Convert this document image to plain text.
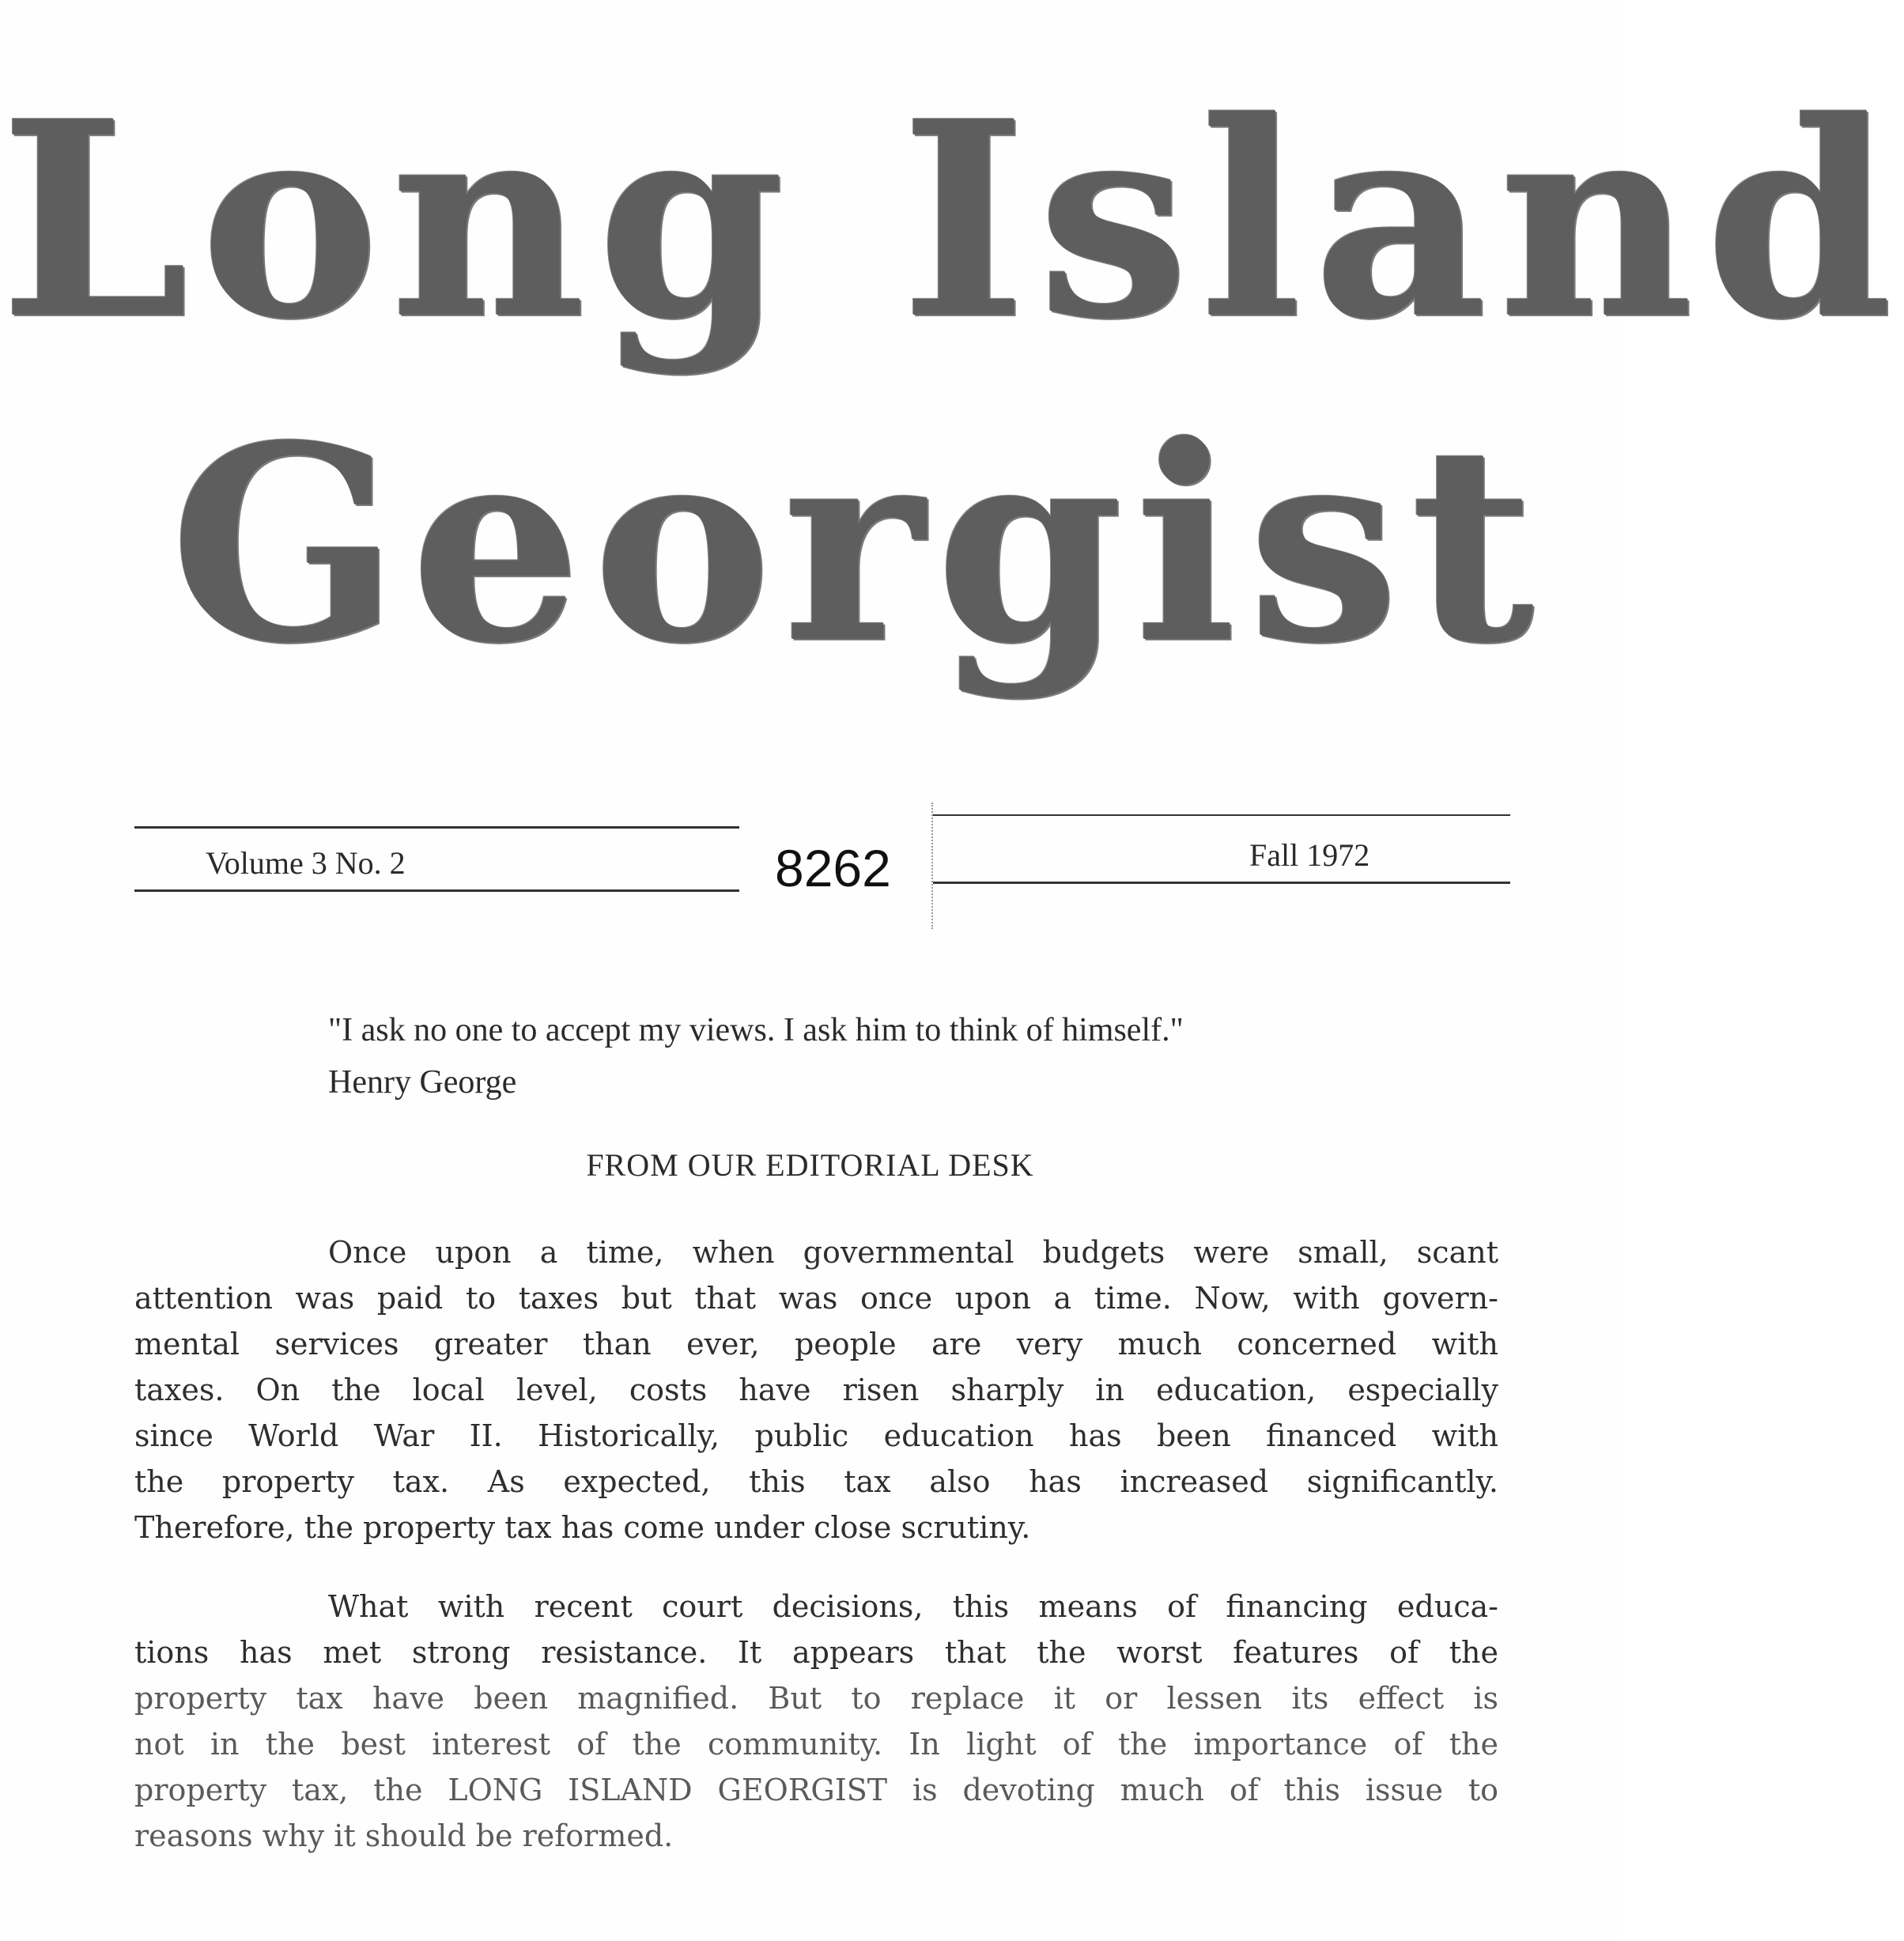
Long Island
Georgist
Volume 3 No. 2	8262	Fall 1972
"I ask no one to accept my views. I ask him to think of himself."
Henry George
FROM OUR EDITORIAL DESK
Once upon a time, when governmental budgets were small, scant
attention was paid to taxes but that was once upon a time. Now, with govern-
mental services greater than ever, people are very much concerned with
taxes. On the local level, costs have risen sharply in education, especially
since World War II. Historically, public education has been financed with
the property tax. As expected, this tax also has increased significantly.
Therefore, the property tax has come under close scrutiny.
What with recent court decisions, this means of financing educa-
tions has met strong resistance. It appears that the worst features of the
property tax have been magnified. But to replace it or lessen its effect is
not in the best interest of the community. In light of the importance of the
property tax, the LONG ISLAND GEORGIST is devoting much of this issue to
reasons why it should be reformed.
